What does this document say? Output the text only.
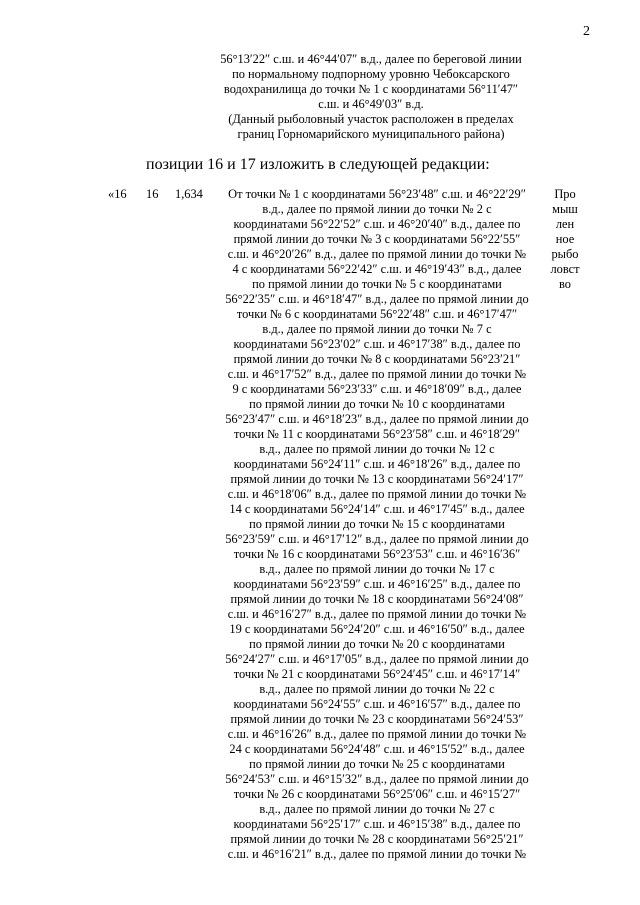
2
56°13′22″ с.ш. и 46°44′07″ в.д., далее по береговой линии
по нормальному подпорному уровню Чебоксарского
водохранилища до точки № 1 с координатами 56°11′47″
с.ш. и 46°49′03″ в.д.
(Данный рыболовный участок расположен в пределах
границ Горномарийского муниципального района)
позиции 16 и 17 изложить в следующей редакции:
«16 16 1,634	От точки № 1 с координатами 56°23′48″ с.ш. и 46°22′29″
в.д., далее по прямой линии до точки № 2 с
координатами 56°22′52″ с.ш. и 46°20′40″ в.д., далее по
прямой линии до точки № 3 с координатами 56°22′55″
с.ш. и 46°20′26″ в.д., далее по прямой линии до точки №
4 с координатами 56°22′42″ с.ш. и 46°19′43″ в.д., далее
по прямой линии до точки № 5 с координатами
56°22′35″ с.ш. и 46°18′47″ в.д., далее по прямой линии до
точки № 6 с координатами 56°22′48″ с.ш. и 46°17′47″
в.д., далее по прямой линии до точки № 7 с
координатами 56°23′02″ с.ш. и 46°17′38″ в.д., далее по
прямой линии до точки № 8 с координатами 56°23′21″
с.ш. и 46°17′52″ в.д., далее по прямой линии до точки №
9 с координатами 56°23′33″ с.ш. и 46°18′09″ в.д., далее
по прямой линии до точки № 10 с координатами
56°23′47″ с.ш. и 46°18′23″ в.д., далее по прямой линии до
точки № 11 с координатами 56°23′58″ с.ш. и 46°18′29″
в.д., далее по прямой линии до точки № 12 с
координатами 56°24′11″ с.ш. и 46°18′26″ в.д., далее по
прямой линии до точки № 13 с координатами 56°24′17″
с.ш. и 46°18′06″ в.д., далее по прямой линии до точки №
14 с координатами 56°24′14″ с.ш. и 46°17′45″ в.д., далее
по прямой линии до точки № 15 с координатами
56°23′59″ с.ш. и 46°17′12″ в.д., далее по прямой линии до
точки № 16 с координатами 56°23′53″ с.ш. и 46°16′36″
в.д., далее по прямой линии до точки № 17 с
координатами 56°23′59″ с.ш. и 46°16′25″ в.д., далее по
прямой линии до точки № 18 с координатами 56°24′08″
с.ш. и 46°16′27″ в.д., далее по прямой линии до точки №
19 с координатами 56°24′20″ с.ш. и 46°16′50″ в.д., далее
по прямой линии до точки № 20 с координатами
56°24′27″ с.ш. и 46°17′05″ в.д., далее по прямой линии до
точки № 21 с координатами 56°24′45″ с.ш. и 46°17′14″
в.д., далее по прямой линии до точки № 22 с
координатами 56°24′55″ с.ш. и 46°16′57″ в.д., далее по
прямой линии до точки № 23 с координатами 56°24′53″
с.ш. и 46°16′26″ в.д., далее по прямой линии до точки №
24 с координатами 56°24′48″ с.ш. и 46°15′52″ в.д., далее
по прямой линии до точки № 25 с координатами
56°24′53″ с.ш. и 46°15′32″ в.д., далее по прямой линии до
точки № 26 с координатами 56°25′06″ с.ш. и 46°15′27″
в.д., далее по прямой линии до точки № 27 с
координатами 56°25′17″ с.ш. и 46°15′38″ в.д., далее по
прямой линии до точки № 28 с координатами 56°25′21″
с.ш. и 46°16′21″ в.д., далее по прямой линии до точки №
Про
мыш
лен
ное
рыбо
ловст
во
